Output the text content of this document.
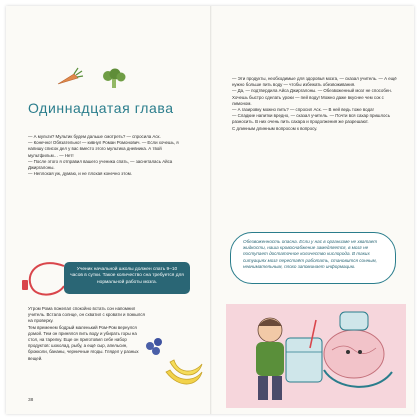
Одиннадцатая глава

— А мульти? Мультик будем дальше смотреть? — спросила Аск.

— Конечно! Обязательно! — кивнул Роман Ромонович. — Если хочешь, я напишу список дел у вас вместо этого мультика дневника. А твой мультфильм… — Нет!

— После этого я отправил вашего ученика спать, — заснеталась Айса Джиргалоны.

— Неплохая уж, думаю, и не плохая конечно этом.

Ученик начальной школы должен спать 9–10 часов в сутки. Такое количество сна требуется для нормальной работы мозга.

Утром Рома пожелал спокойно встать сон напомнил учитель. Встала солнце, он схватил с кровати и помылся на проверку.

Тем временем бодрый маленький Ром-Ром вернулся домой. Тем он принялся пить воду и убирать горы на стол, на тарелку. Еще он приготовил себе набор продуктов: шоколад, рыбу, а ещё сыр, апельсин, брокколи, бананы, черничные ягоды. Глядел у разных вещей.

38

— Эти продукты, необходимые для здоровья мозга, — сказал учитель. — А ещё нужно больше пить воду — чтобы избежать обезвоживания.

— Да, — подтвердила Айса Джиргалоны. — Обезвоженный мозг не способен. Хочешь быстро сделать уроки — пей воду! Можно даже вкуснее чем сок с лимоном.

— А газировку можно пить? — спросил Аск. — В ней ведь тоже вода!

— Сладкие напитки вредно, — сказал учитель. — Почти вся сахар пришлось разносить. В них очень пить сахара и продолжения же разрешают.

С длинным длинным вопросом к вопросу.

Обезвоженность опасна. Если у нас в организме не хватает жидкости, наша кровоснабжение замедляется, в мозг не поступает достаточное количество кислорода. В таких ситуациях мозг перестаёт работать, становится сонным, невнимательным, плохо запоминает информацию.
